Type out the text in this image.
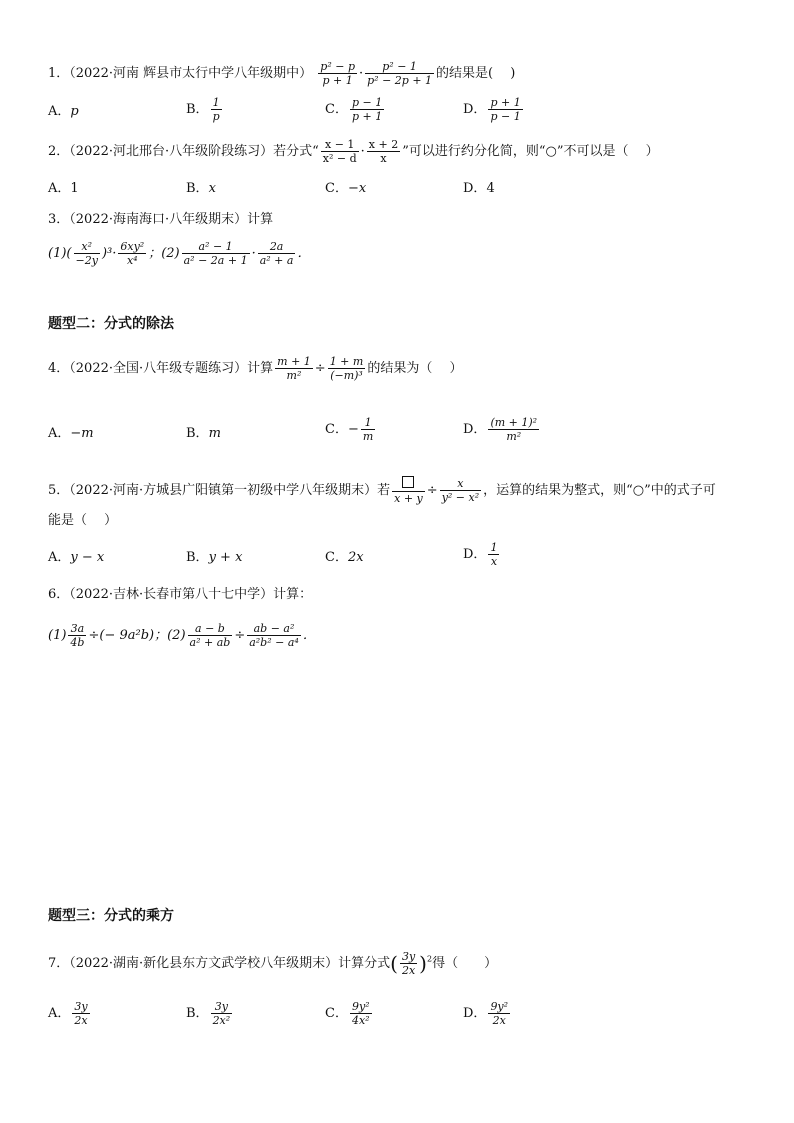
1．（2022·河南 辉县市太行中学八年级期中） $\frac{\text{p² − p}}{p + 1} \cdot \frac{\text{p² − 1}}{\text{p² − 2p + 1}}$ 的结果是(　 )
A．p	B． $\frac{1}{p}$	C． $\frac{p - 1}{p + 1}$	D． $\frac{p + 1}{p - 1}$
2．（2022·河北邢台·八年级阶段练习）若分式“ $\frac{x - 1}{\text{x² − d}} \cdot \frac{x + 2}{x}$ ”可以进行约分化简，则“○”不可以是（　 ）
A．1	B．x	C．−x	D．4
3．（2022·海南海口·八年级期末）计算
$(1)( \frac{\text{x²}}{-2y} )^3\cdot \frac{\text{6xy²}}{\text{x⁴}}$ ；$(2) \frac{\text{a² − 1}}{\text{a² − 2a + 1}} \cdot \frac{2a}{\text{a² + a}}$ ．
题型二：分式的除法
4．（2022·全国·八年级专题练习）计算 $\frac{m + 1}{\text{m²}} \div \frac{1 + m}{\text{(−m)³}}$ 的结果为（　 ）
A．−m	B．m	C．− $\frac{1}{m}$	D． $\frac{\text{(m + 1)²}}{\text{m²}}$
5．（2022·河南·方城县广阳镇第一初级中学八年级期末）若
x + y
÷ $\frac{x}{\text{y² − x²}}$ ，运算的结果为整式，则“○”中的式子可
能是（　 ）
A．y − x	B．y + x	C．2x	D． $\frac{1}{x}$
6．（2022·吉林·长春市第八十七中学）计算：
$(1) \frac{3a}{4b}$ ÷(− 9a²b)；$(2) \frac{a - b}{\text{a² + ab}} \div \frac{\text{ab − a²}}{\text{a²b² − a⁴}}$ ．
题型三：分式的乘方
7．（2022·湖南·新化县东方文武学校八年级期末）计算分式( $\frac{3y}{2x} )^2$得（　　）
A． $\frac{3y}{2x}$	B． $\frac{3y}{\text{2x²}}$	C． $\frac{\text{9y²}}{\text{4x²}}$	D． $\frac{\text{9y²}}{2x}$
